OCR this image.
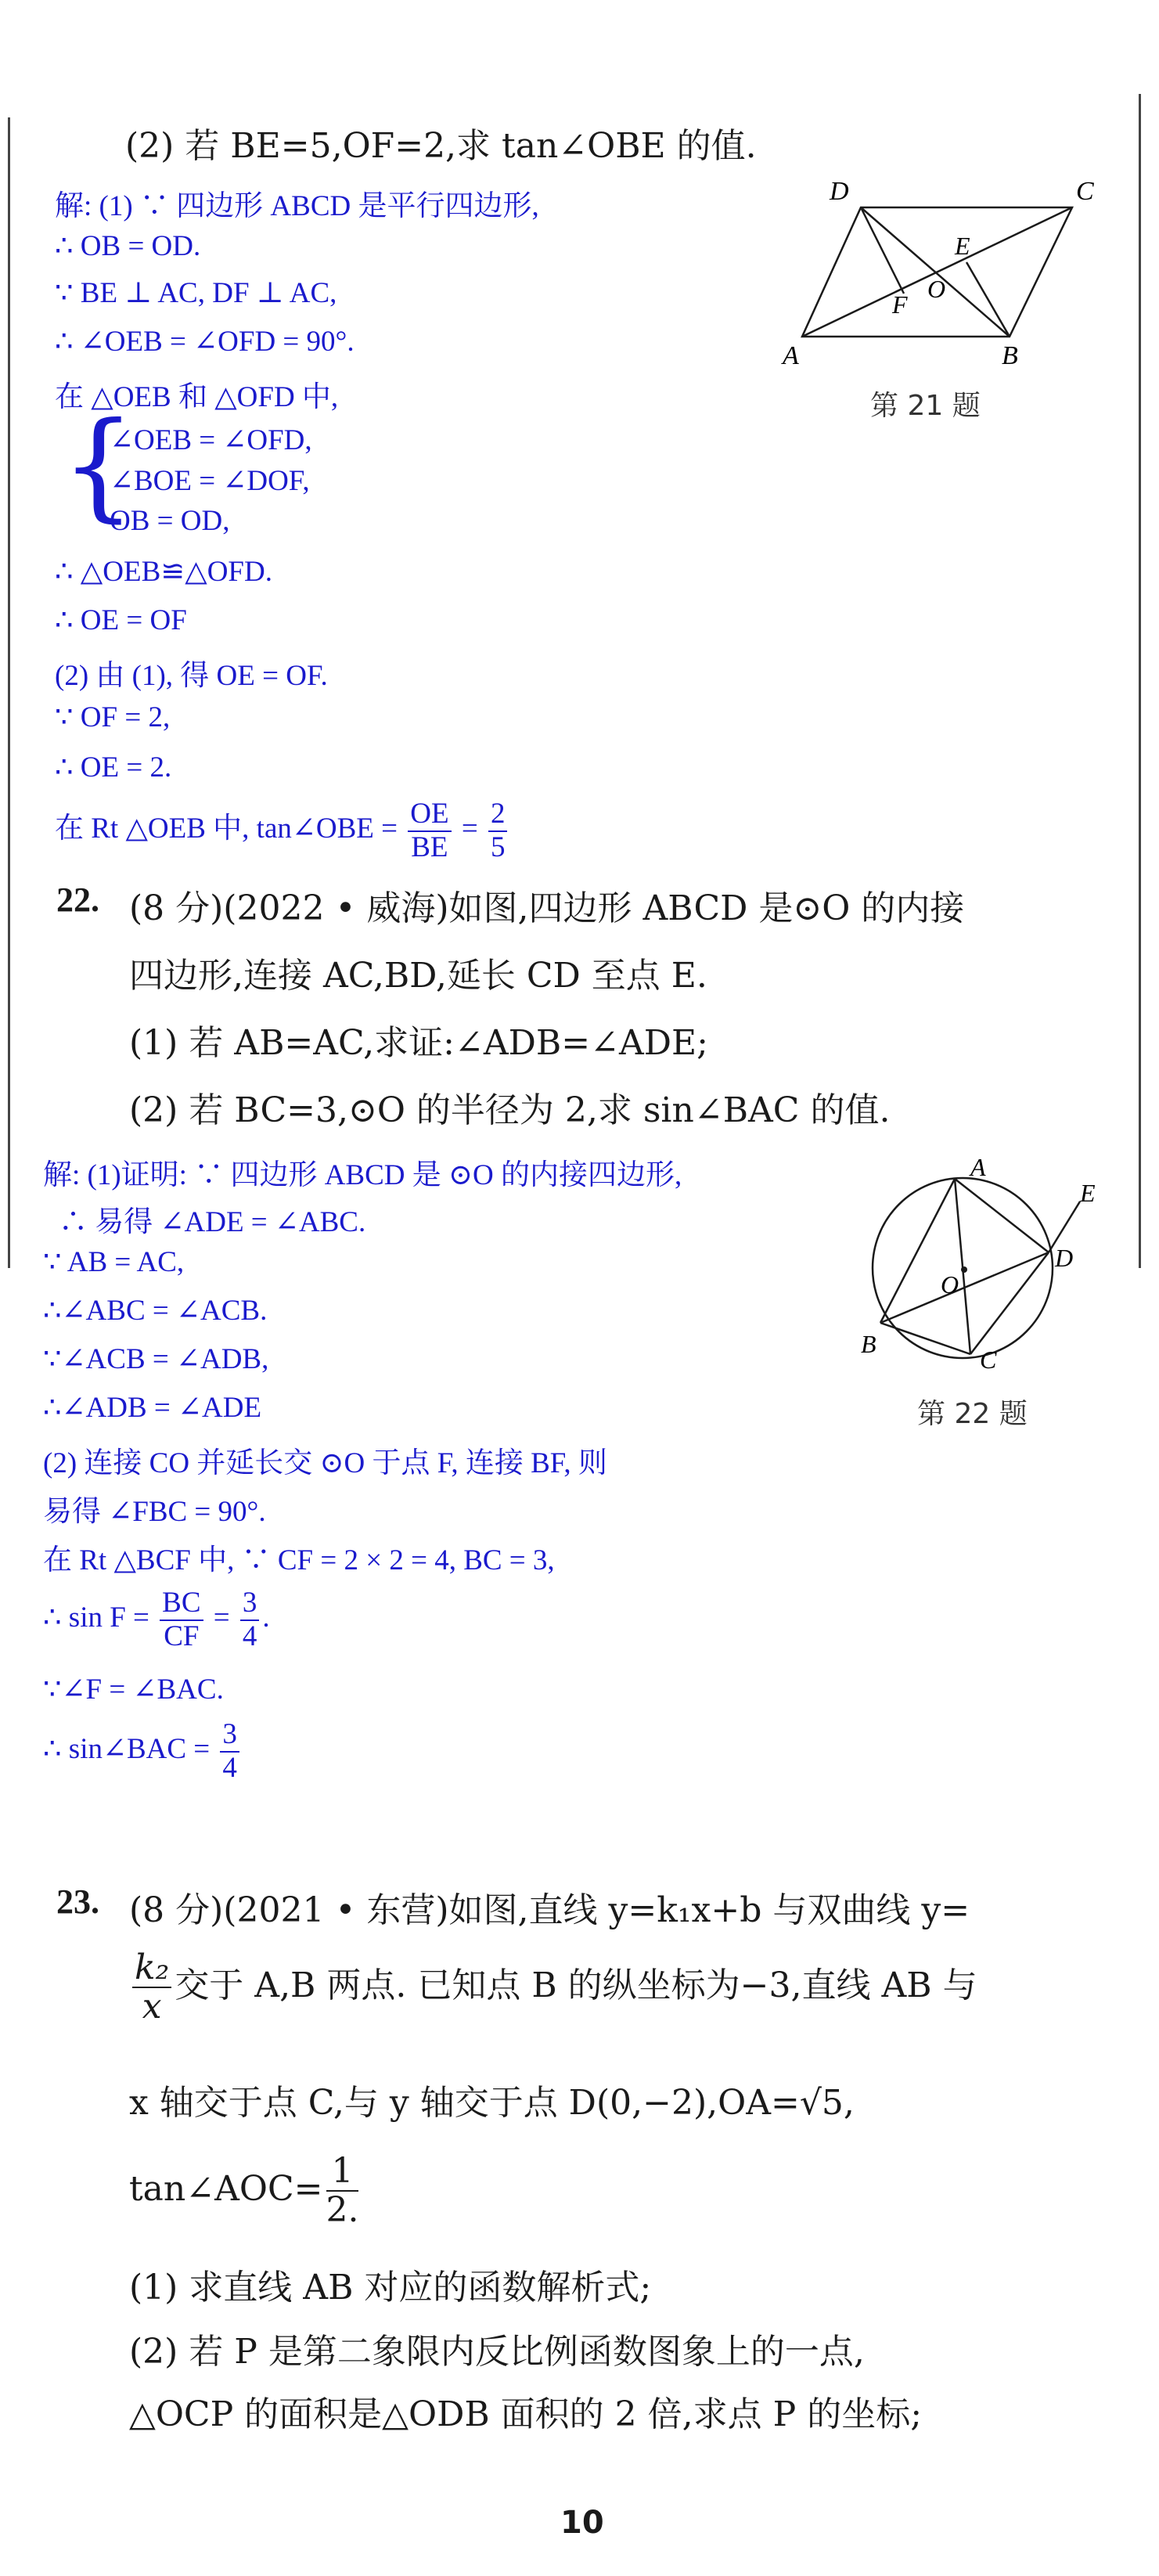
(2) 若 BE=5,OF=2,求 tan∠OBE 的值.
解: (1) ∵ 四边形 ABCD 是平行四边形,
∴ OB = OD.
∵ BE ⊥ AC, DF ⊥ AC,
∴ ∠OEB = ∠OFD = 90°.
在 △OEB 和 △OFD 中,
{
∠OEB = ∠OFD,
∠BOE = ∠DOF,
OB = OD,
∴ △OEB≌△OFD.
∴ OE = OF
(2) 由 (1), 得 OE = OF.
∵ OF = 2,
∴ OE = 2.
在 Rt △OEB 中, tan∠OBE = $\frac{OE}{BE} = \frac{2}{5}$
D	C
E
O
F
A	B
第 21 题
22. (8 分)(2022 • 威海)如图,四边形 ABCD 是⊙O 的内接
四边形,连接 AC,BD,延长 CD 至点 E.
(1) 若 AB=AC,求证:∠ADB=∠ADE;
(2) 若 BC=3,⊙O 的半径为 2,求 sin∠BAC 的值.
解: (1)证明: ∵ 四边形 ABCD 是 ⊙O 的内接四边形,
∴ 易得 ∠ADE = ∠ABC.
∵ AB = AC,
∴∠ABC = ∠ACB.
∵∠ACB = ∠ADB,
∴∠ADB = ∠ADE
(2) 连接 CO 并延长交 ⊙O 于点 F, 连接 BF, 则
易得 ∠FBC = 90°.
在 Rt △BCF 中, ∵ CF = 2 × 2 = 4, BC = 3,
∴ $\sin F = \frac{BC}{CF} = \frac{3}{4}$ .
∵∠F = ∠BAC.
∴ sin∠BAC = $\frac{3}{4}$
A
E
D
O
B
C
第 22 题
23. (8 分)(2021 • 东营)如图,直线 y=k₁x+b 与双曲线 y=
$\frac{\text{k₂}}{x}$ 交于 A,B 两点. 已知点 B 的纵坐标为−3,直线 AB 与
x 轴交于点 C,与 y 轴交于点 D(0,−2),OA=√5,
tan∠AOC= $\frac{1}{2.}$
(1) 求直线 AB 对应的函数解析式;
(2) 若 P 是第二象限内反比例函数图象上的一点,
△OCP 的面积是△ODB 面积的 2 倍,求点 P 的坐标;
10
